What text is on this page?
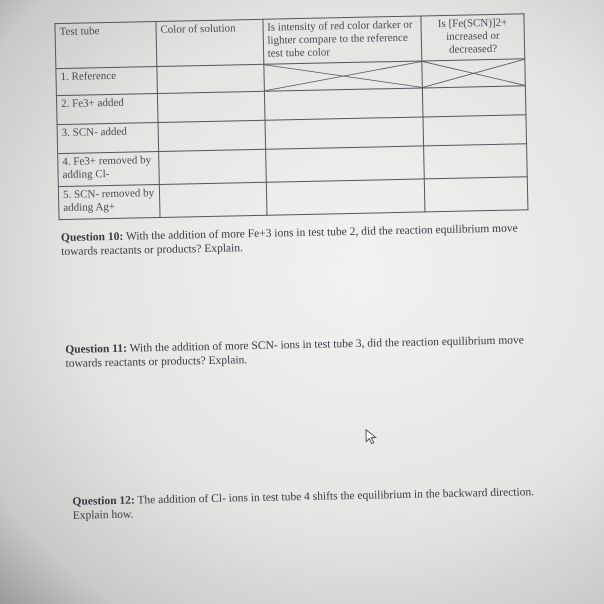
Test tube	Color of solution	Is intensity of red color darker or lighter compare to the reference test tube color	Is [Fe(SCN)]2+ increased or decreased?
1. Reference		

2. Fe3+ added			
3. SCN- added			
4. Fe3+ removed by adding Cl-			
5. SCN- removed by adding Ag+			
Question 10: With the addition of more Fe+3 ions in test tube 2, did the reaction equilibrium move towards reactants or products? Explain.
Question 11: With the addition of more SCN- ions in test tube 3, did the reaction equilibrium move towards reactants or products? Explain.
Question 12: The addition of Cl- ions in test tube 4 shifts the equilibrium in the backward direction. Explain how.
